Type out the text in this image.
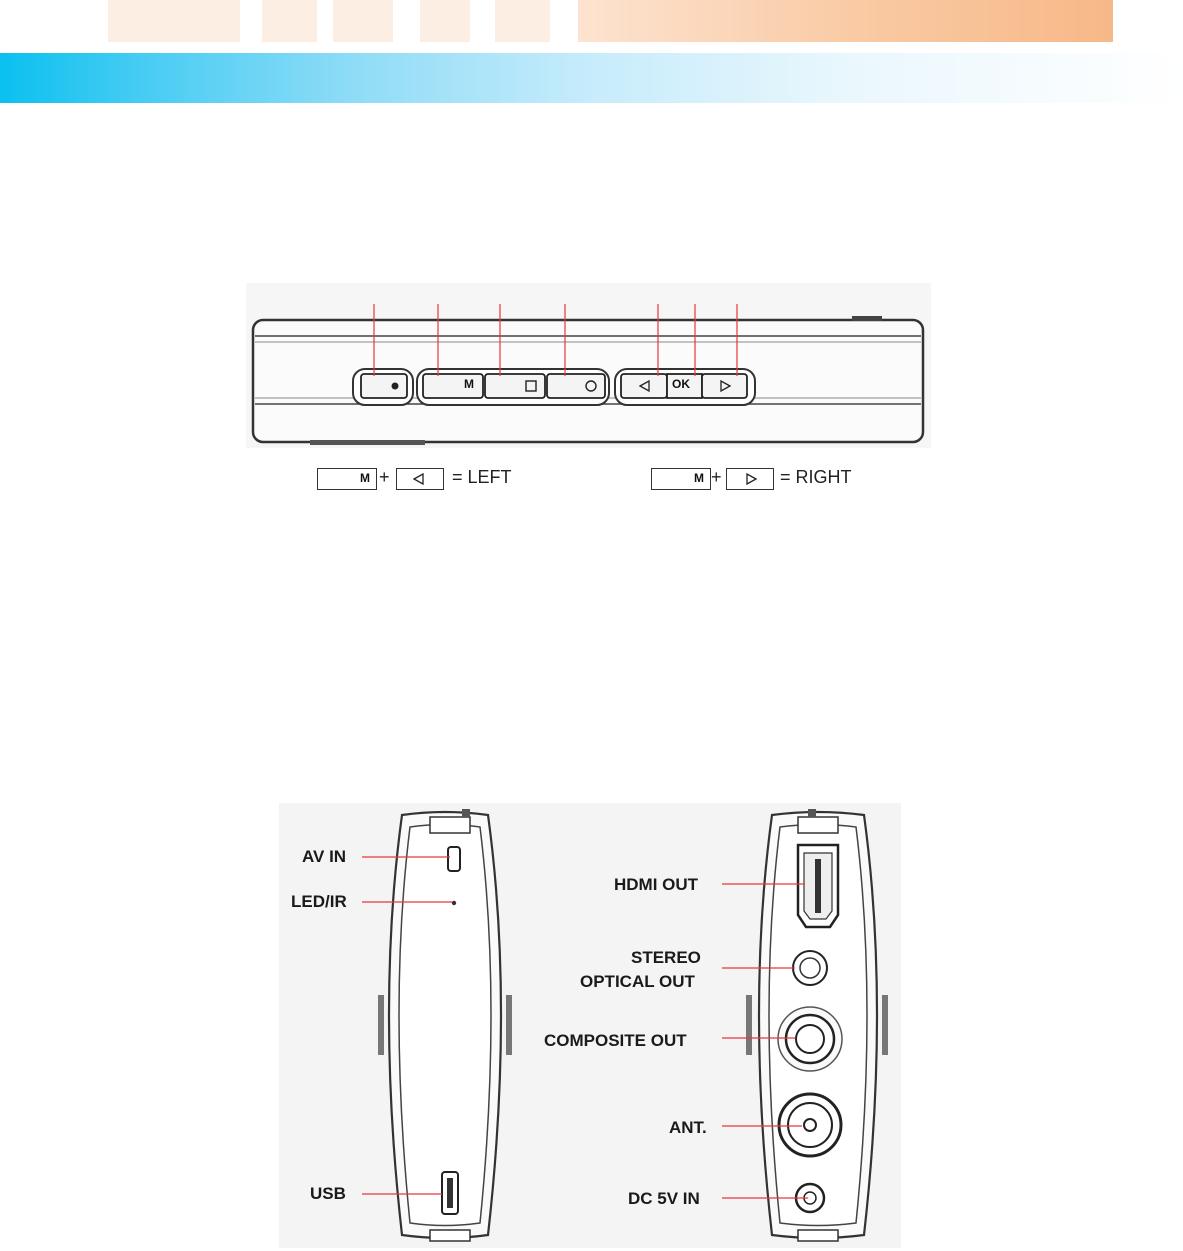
M	OK
M +	= LEFT	M +	= RIGHT
AV IN
LED/IR
USB
HDMI OUT
STEREO
OPTICAL OUT
COMPOSITE OUT
ANT.
DC 5V IN
